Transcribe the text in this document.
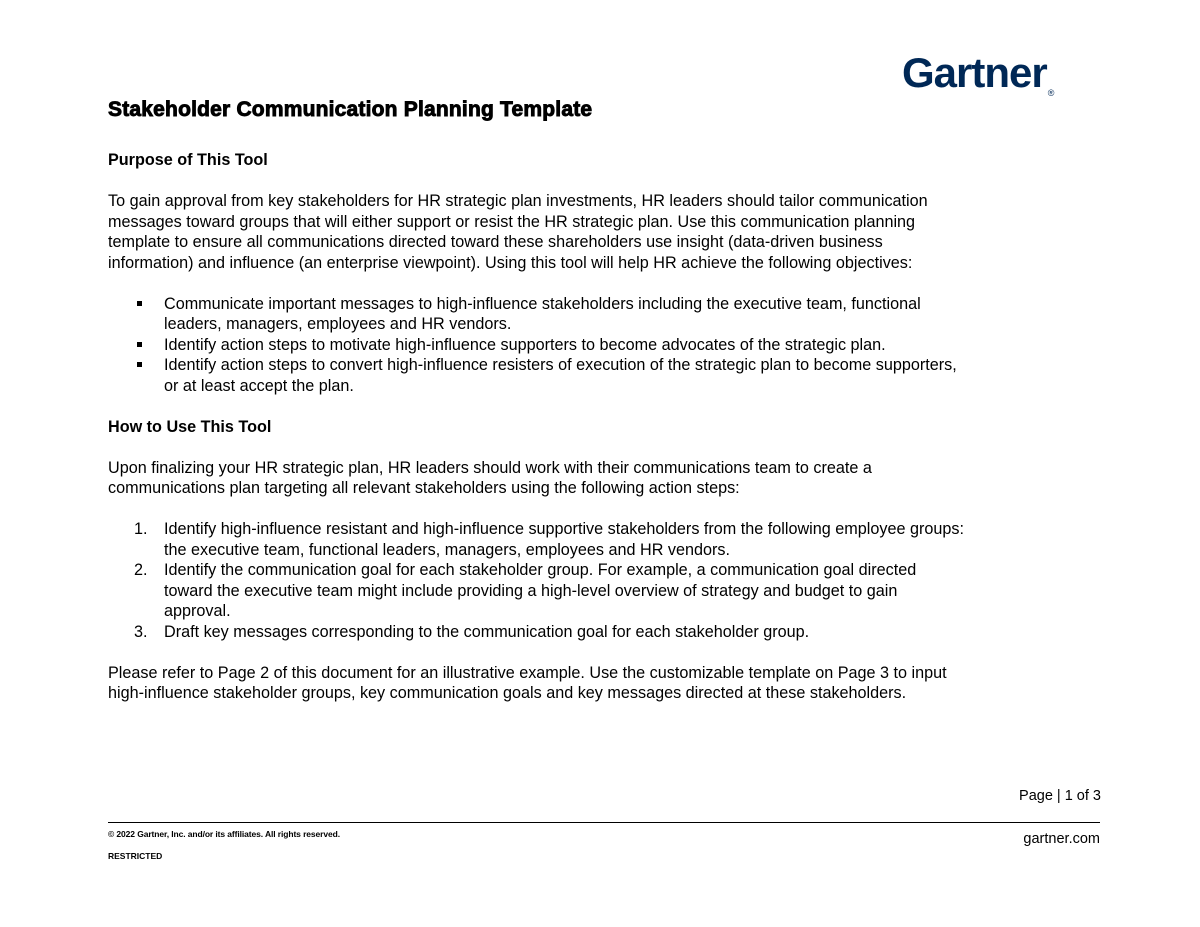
Gartner$_®$
Stakeholder Communication Planning Template
Purpose of This Tool

To gain approval from key stakeholders for HR strategic plan investments, HR leaders should tailor communication
messages toward groups that will either support or resist the HR strategic plan. Use this communication planning
template to ensure all communications directed toward these shareholders use insight (data-driven business
information) and influence (an enterprise viewpoint). Using this tool will help HR achieve the following objectives:

Communicate important messages to high-influence stakeholders including the executive team, functional
leaders, managers, employees and HR vendors.
Identify action steps to motivate high-influence supporters to become advocates of the strategic plan.
Identify action steps to convert high-influence resisters of execution of the strategic plan to become supporters,
or at least accept the plan.
How to Use This Tool

Upon finalizing your HR strategic plan, HR leaders should work with their communications team to create a
communications plan targeting all relevant stakeholders using the following action steps:

1. Identify high-influence resistant and high-influence supportive stakeholders from the following employee groups:
the executive team, functional leaders, managers, employees and HR vendors.
2. Identify the communication goal for each stakeholder group. For example, a communication goal directed
toward the executive team might include providing a high-level overview of strategy and budget to gain
approval.
3. Draft key messages corresponding to the communication goal for each stakeholder group.

Please refer to Page 2 of this document for an illustrative example. Use the customizable template on Page 3 to input
high-influence stakeholder groups, key communication goals and key messages directed at these stakeholders.

Page | 1 of 3
© 2022 Gartner, Inc. and/or its affiliates. All rights reserved.
RESTRICTED
gartner.com
